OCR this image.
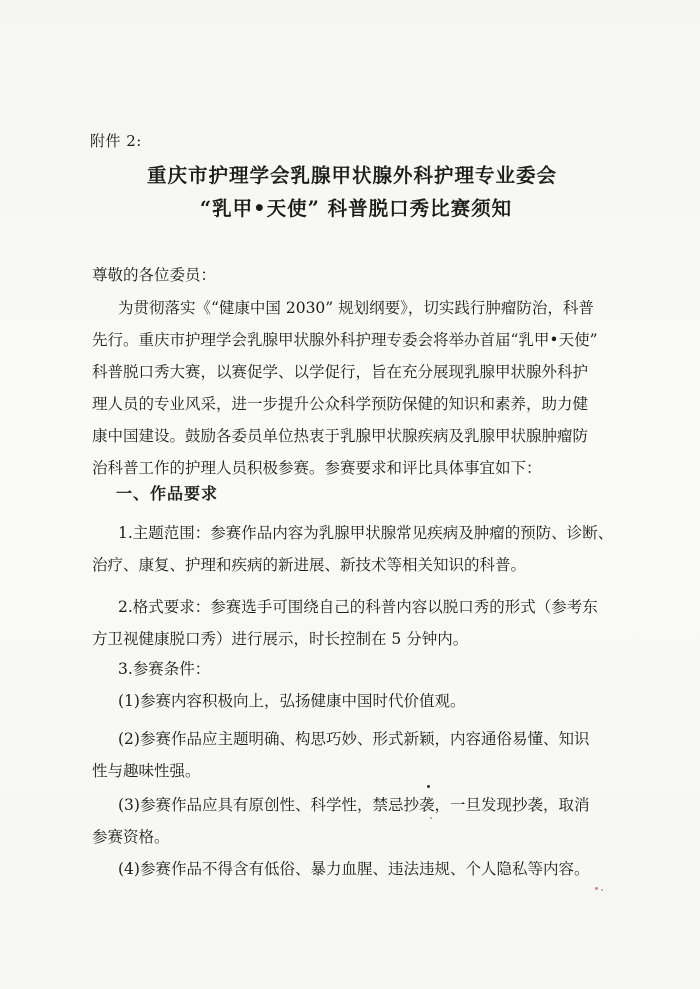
附件 2:
重庆市护理学会乳腺甲状腺外科护理专业委会
“乳甲•天使” 科普脱口秀比赛须知
尊敬的各位委员：
为贯彻落实《“健康中国 2030” 规划纲要》，切实践行肿瘤防治，科普
先行。重庆市护理学会乳腺甲状腺外科护理专委会将举办首届“乳甲•天使”
科普脱口秀大赛，以赛促学、以学促行，旨在充分展现乳腺甲状腺外科护
理人员的专业风采，进一步提升公众科学预防保健的知识和素养，助力健
康中国建设。鼓励各委员单位热衷于乳腺甲状腺疾病及乳腺甲状腺肿瘤防
治科普工作的护理人员积极参赛。参赛要求和评比具体事宜如下：
一、作品要求
1.主题范围：参赛作品内容为乳腺甲状腺常见疾病及肿瘤的预防、诊断、
治疗、康复、护理和疾病的新进展、新技术等相关知识的科普。
2.格式要求：参赛选手可围绕自己的科普内容以脱口秀的形式（参考东
方卫视健康脱口秀）进行展示，时长控制在 5 分钟内。
3.参赛条件：
(1)参赛内容积极向上，弘扬健康中国时代价值观。
(2)参赛作品应主题明确、构思巧妙、形式新颖，内容通俗易懂、知识
性与趣味性强。
(3)参赛作品应具有原创性、科学性，禁忌抄袭，一旦发现抄袭，取消
参赛资格。
(4)参赛作品不得含有低俗、暴力血腥、违法违规、个人隐私等内容。
